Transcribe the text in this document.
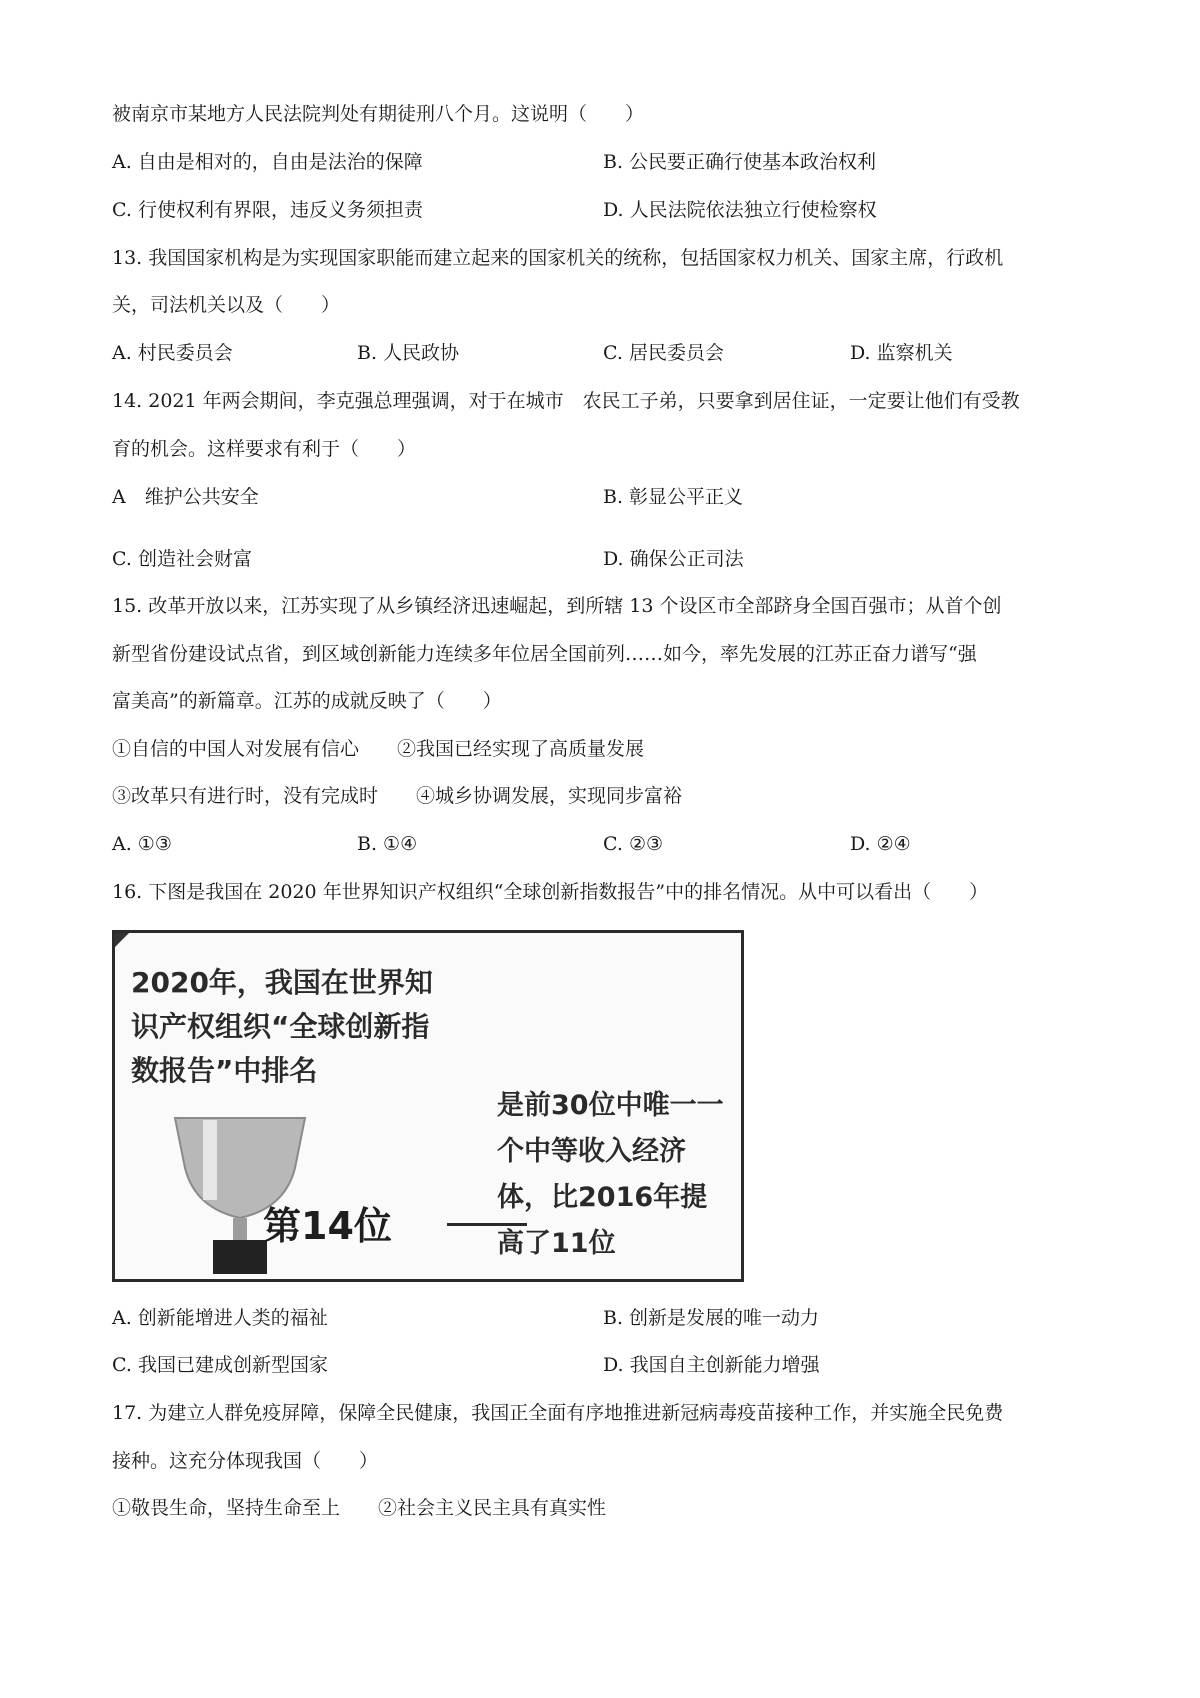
被南京市某地方人民法院判处有期徒刑八个月。这说明（　　）
A. 自由是相对的，自由是法治的保障	B. 公民要正确行使基本政治权利
C. 行使权利有界限，违反义务须担责	D. 人民法院依法独立行使检察权
13. 我国国家机构是为实现国家职能而建立起来的国家机关的统称，包括国家权力机关、国家主席，行政机
关，司法机关以及（　　）
A. 村民委员会	B. 人民政协	C. 居民委员会	D. 监察机关
14. 2021 年两会期间，李克强总理强调，对于在城市　农民工子弟，只要拿到居住证，一定要让他们有受教
育的机会。这样要求有利于（　　）
A　维护公共安全	B. 彰显公平正义
C. 创造社会财富	D. 确保公正司法
15. 改革开放以来，江苏实现了从乡镇经济迅速崛起，到所辖 13 个设区市全部跻身全国百强市；从首个创
新型省份建设试点省，到区域创新能力连续多年位居全国前列……如今，率先发展的江苏正奋力谱写“强
富美高”的新篇章。江苏的成就反映了（　　）
①自信的中国人对发展有信心　　②我国已经实现了高质量发展
③改革只有进行时，没有完成时　　④城乡协调发展，实现同步富裕
A. ①③	B. ①④	C. ②③	D. ②④
16. 下图是我国在 2020 年世界知识产权组织“全球创新指数报告”中的排名情况。从中可以看出（　　）
2020年，我国在世界知识产权组织“全球创新指数报告”中排名
第14位
是前30位中唯一一个中等收入经济体，比2016年提高了11位
A. 创新能增进人类的福祉	B. 创新是发展的唯一动力
C. 我国已建成创新型国家	D. 我国自主创新能力增强
17. 为建立人群免疫屏障，保障全民健康，我国正全面有序地推进新冠病毒疫苗接种工作，并实施全民免费
接种。这充分体现我国（　　）
①敬畏生命，坚持生命至上　　②社会主义民主具有真实性
